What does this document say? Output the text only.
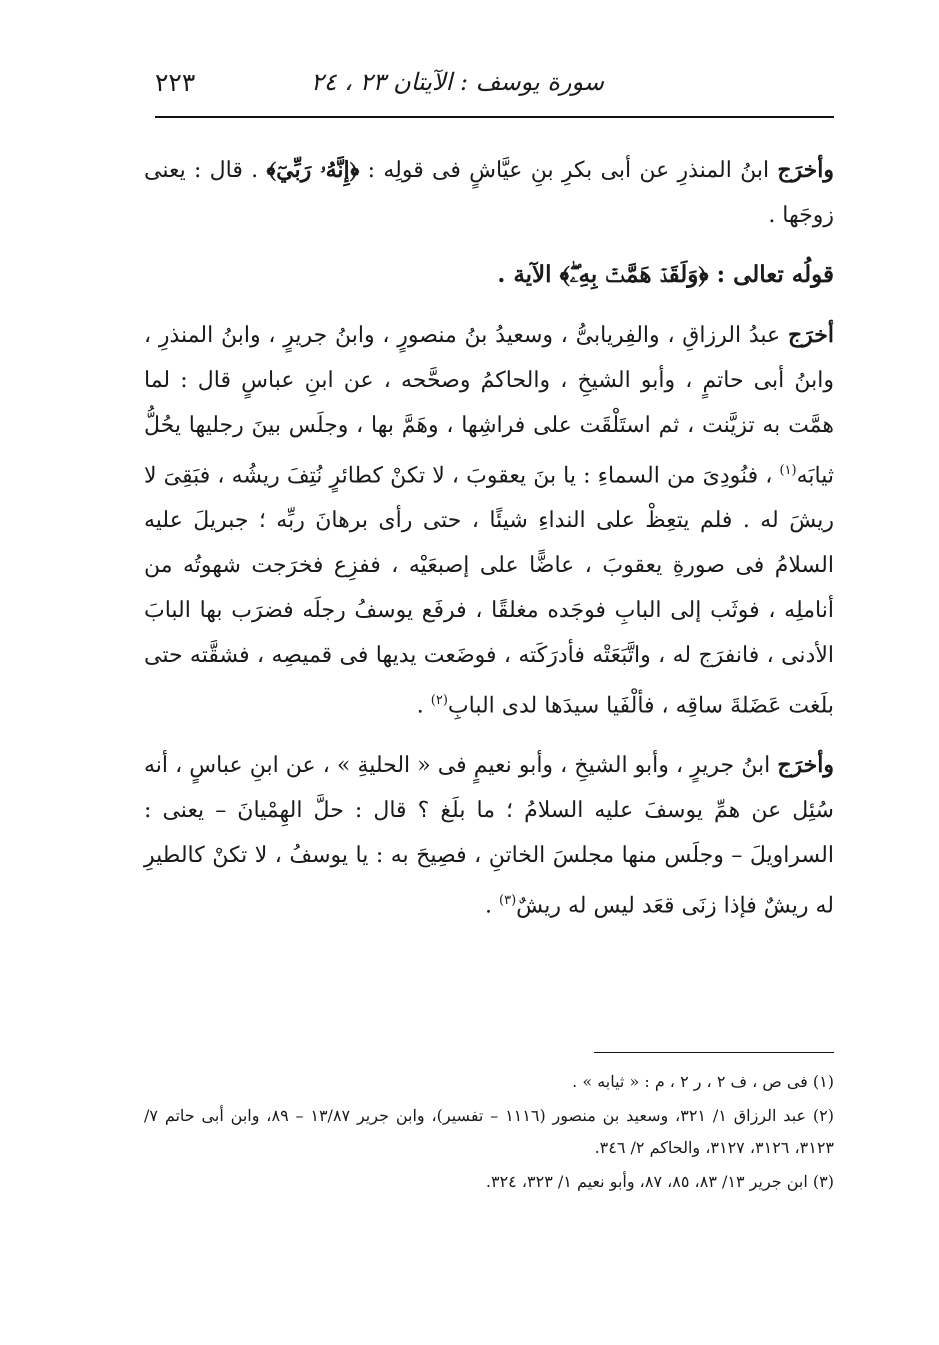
٢٢٣	سورة يوسف : الآيتان ٢٣ ، ٢٤

وأخرَج ابنُ المنذرِ عن أبى بكرِ بنِ عيَّاشٍ فى قولِه : ﴿إِنَّهُۥ رَبِّيٓ﴾ . قال : يعنى زوجَها .

قولُه تعالى : ﴿وَلَقَدۡ هَمَّتۡ بِهِۦۖ﴾ الآية .

أخرَج عبدُ الرزاقِ ، والفِريابىُّ ، وسعيدُ بنُ منصورٍ ، وابنُ جريرٍ ، وابنُ المنذرِ ، وابنُ أبى حاتمٍ ، وأبو الشيخِ ، والحاكمُ وصحَّحه ، عن ابنِ عباسٍ قال : لما همَّت به تزيَّنت ، ثم استَلْقَت على فراشِها ، وهَمَّ بها ، وجلَس بينَ رجليها يحُلُّ ثيابَه$^{(١)}$ ، فنُودِىَ من السماءِ : يا بنَ يعقوبَ ، لا تكنْ كطائرٍ نُتِفَ ريشُه ، فبَقِىَ لا ريشَ له . فلم يتعِظْ على النداءِ شيئًا ، حتى رأى برهانَ ربِّه ؛ جبريلَ عليه السلامُ فى صورةِ يعقوبَ ، عاضًّا على إصبعَيْه ، ففزِع فخرَجت شهوتُه من أناملِه ، فوثَب إلى البابِ فوجَده مغلقًا ، فرفَع يوسفُ رجلَه فضرَب بها البابَ الأدنى ، فانفرَج له ، واتَّبَعَتْه فأدرَكَته ، فوضَعت يديها فى قميصِه ، فشقَّته حتى بلَغت عَضَلةَ ساقِه ، فألْفَيا سيدَها لدى البابِ$^{(٢)}$ .

وأخرَج ابنُ جريرٍ ، وأبو الشيخِ ، وأبو نعيمٍ فى « الحليةِ » ، عن ابنِ عباسٍ ، أنه سُئِل عن همِّ يوسفَ عليه السلامُ ؛ ما بلَغ ؟ قال : حلَّ الهِمْيانَ – يعنى : السراويلَ – وجلَس منها مجلسَ الخاتنِ ، فصِيحَ به : يا يوسفُ ، لا تكنْ كالطيرِ له ريشٌ فإذا زنَى قعَد ليس له ريشٌ$^{(٣)}$ .

(١) فى ص ، ف ٢ ، ر ٢ ، م : « ثيابه » .

(٢) عبد الرزاق ١/ ٣٢١، وسعيد بن منصور (١١١٦ – تفسير)، وابن جرير ١٣/٨٧ – ٨٩، وابن أبى حاتم ٧/ ٣١٢٣، ٣١٢٦، ٣١٢٧، والحاكم ٢/ ٣٤٦.

(٣) ابن جرير ١٣/ ٨٣، ٨٥، ٨٧، وأبو نعيم ١/ ٣٢٣، ٣٢٤.
